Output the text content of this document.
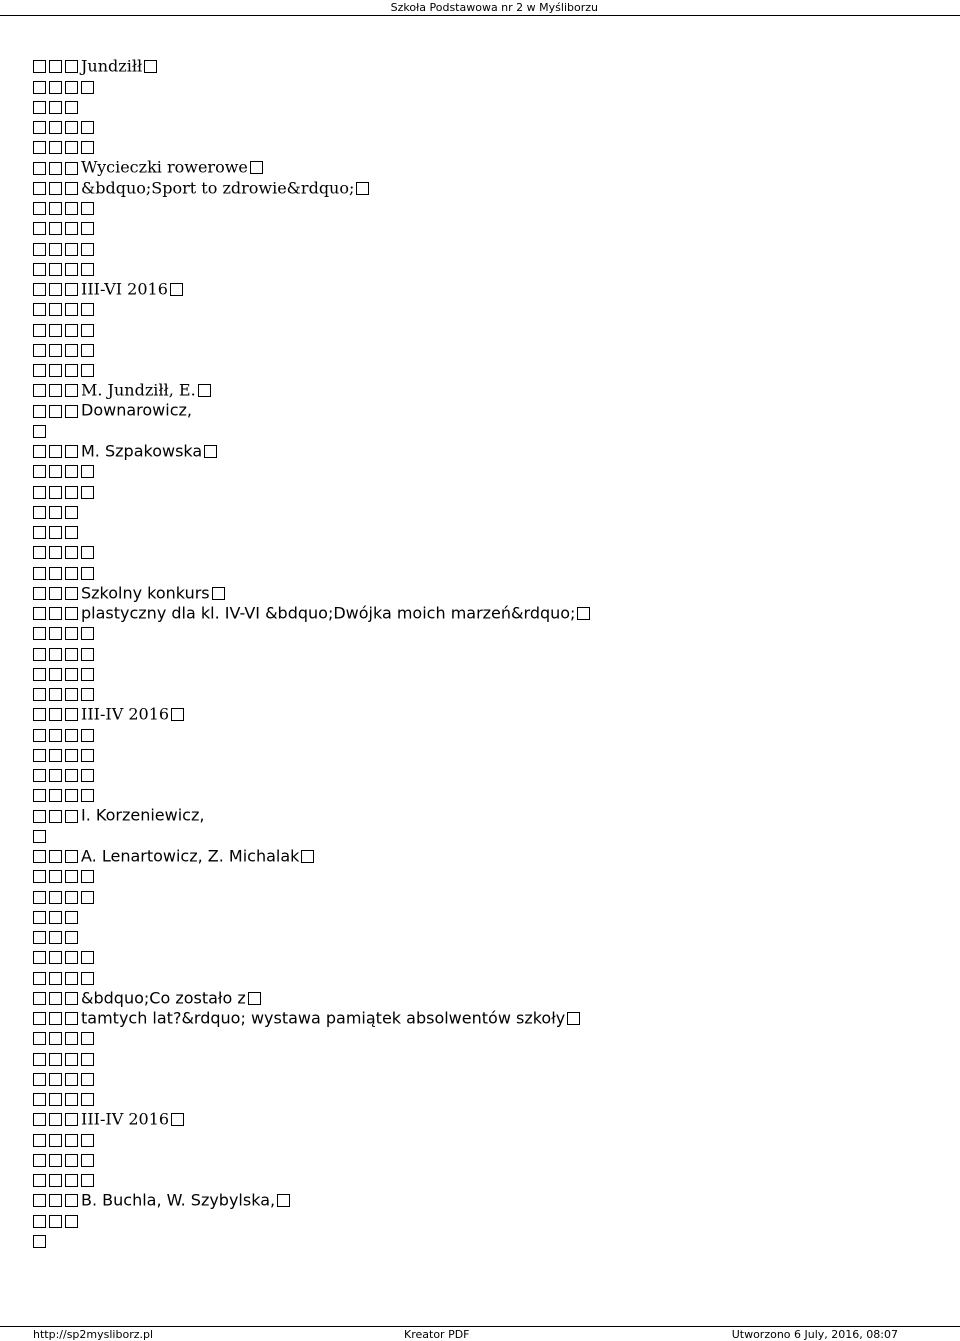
Szkoła Podstawowa nr 2 w Myśliborzu
Jundziłł
Wycieczki rowerowe
&bdquo;Sport to zdrowie&rdquo;
III-VI 2016
M. Jundziłł, E.
Downarowicz,
M. Szpakowska
Szkolny konkurs
plastyczny dla kl. IV-VI &bdquo;Dwójka moich marzeń&rdquo;
III-IV 2016
I. Korzeniewicz,
A. Lenartowicz, Z. Michalak
&bdquo;Co zostało z
tamtych lat?&rdquo; wystawa pamiątek absolwentów szkoły
III-IV 2016
B. Buchla, W. Szybylska,
http://sp2mysliborz.pl	Kreator PDF	Utworzono 6 July, 2016, 08:07
